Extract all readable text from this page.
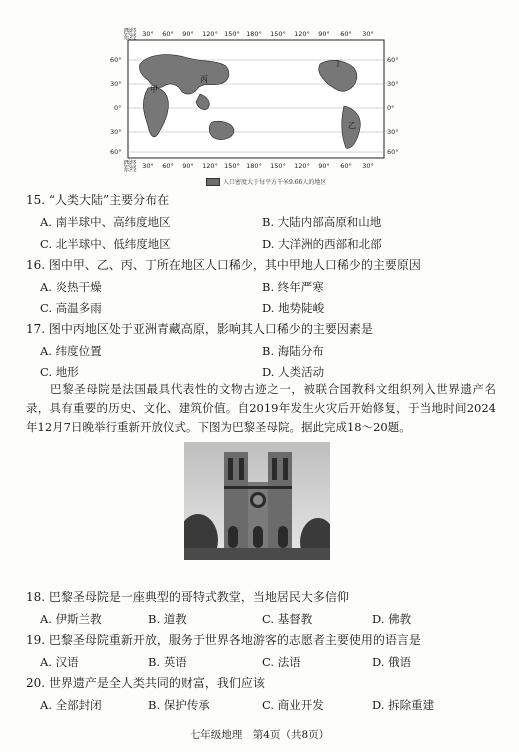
西经
东经 30° 60° 90° 120° 150° 180° 150° 120° 90° 60° 30°
西经
东经 30° 60° 90° 120° 150° 180° 150° 120° 90° 60° 30°
60°
30°
0°
30°
60°
60°
30°
0°
30°
60°
甲
丙
丁
乙
人口密度大于每平方千米9.66人的地区
15. “人类大陆”主要分布在
A. 南半球中、高纬度地区	B. 大陆内部高原和山地
C. 北半球中、低纬度地区	D. 大洋洲的西部和北部
16. 图中甲、乙、丙、丁所在地区人口稀少，其中甲地人口稀少的主要原因
A. 炎热干燥	B. 终年严寒
C. 高温多雨	D. 地势陡峻
17. 图中丙地区处于亚洲青藏高原，影响其人口稀少的主要因素是
A. 纬度位置	B. 海陆分布
C. 地形	D. 人类活动
巴黎圣母院是法国最具代表性的文物古迹之一，被联合国教科文组织列入世界遗产名录，具有重要的历史、文化、建筑价值。自2019年发生火灾后开始修复，于当地时间2024年12月7日晚举行重新开放仪式。下图为巴黎圣母院。据此完成18～20题。
18. 巴黎圣母院是一座典型的哥特式教堂，当地居民大多信仰
A. 伊斯兰教	B. 道教	C. 基督教	D. 佛教
19. 巴黎圣母院重新开放，服务于世界各地游客的志愿者主要使用的语言是
A. 汉语	B. 英语	C. 法语	D. 俄语
20. 世界遗产是全人类共同的财富，我们应该
A. 全部封闭	B. 保护传承	C. 商业开发	D. 拆除重建
七年级地理　第4页（共8页）
